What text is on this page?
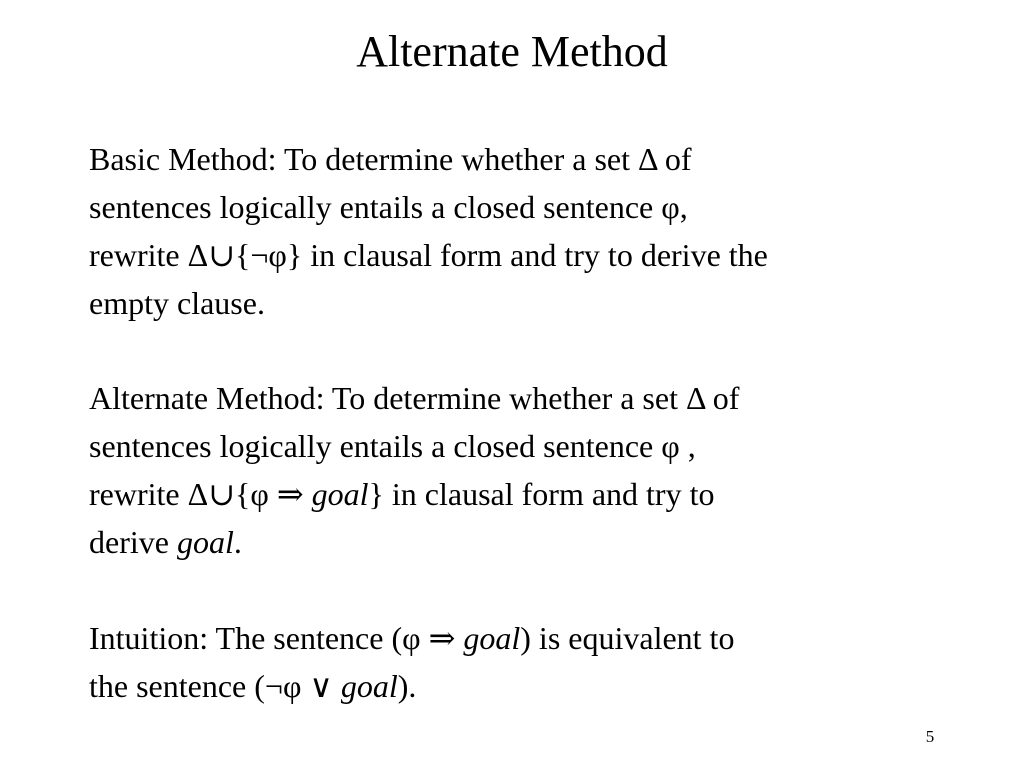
Alternate Method

Basic Method: To determine whether a set Δ of
sentences logically entails a closed sentence φ,
rewrite Δ∪{¬φ} in clausal form and try to derive the
empty clause.

Alternate Method: To determine whether a set Δ of
sentences logically entails a closed sentence φ ,
rewrite Δ∪{φ ⇒ goal} in clausal form and try to
derive goal.

Intuition: The sentence (φ ⇒ goal) is equivalent to
the sentence (¬φ ∨ goal).

5
